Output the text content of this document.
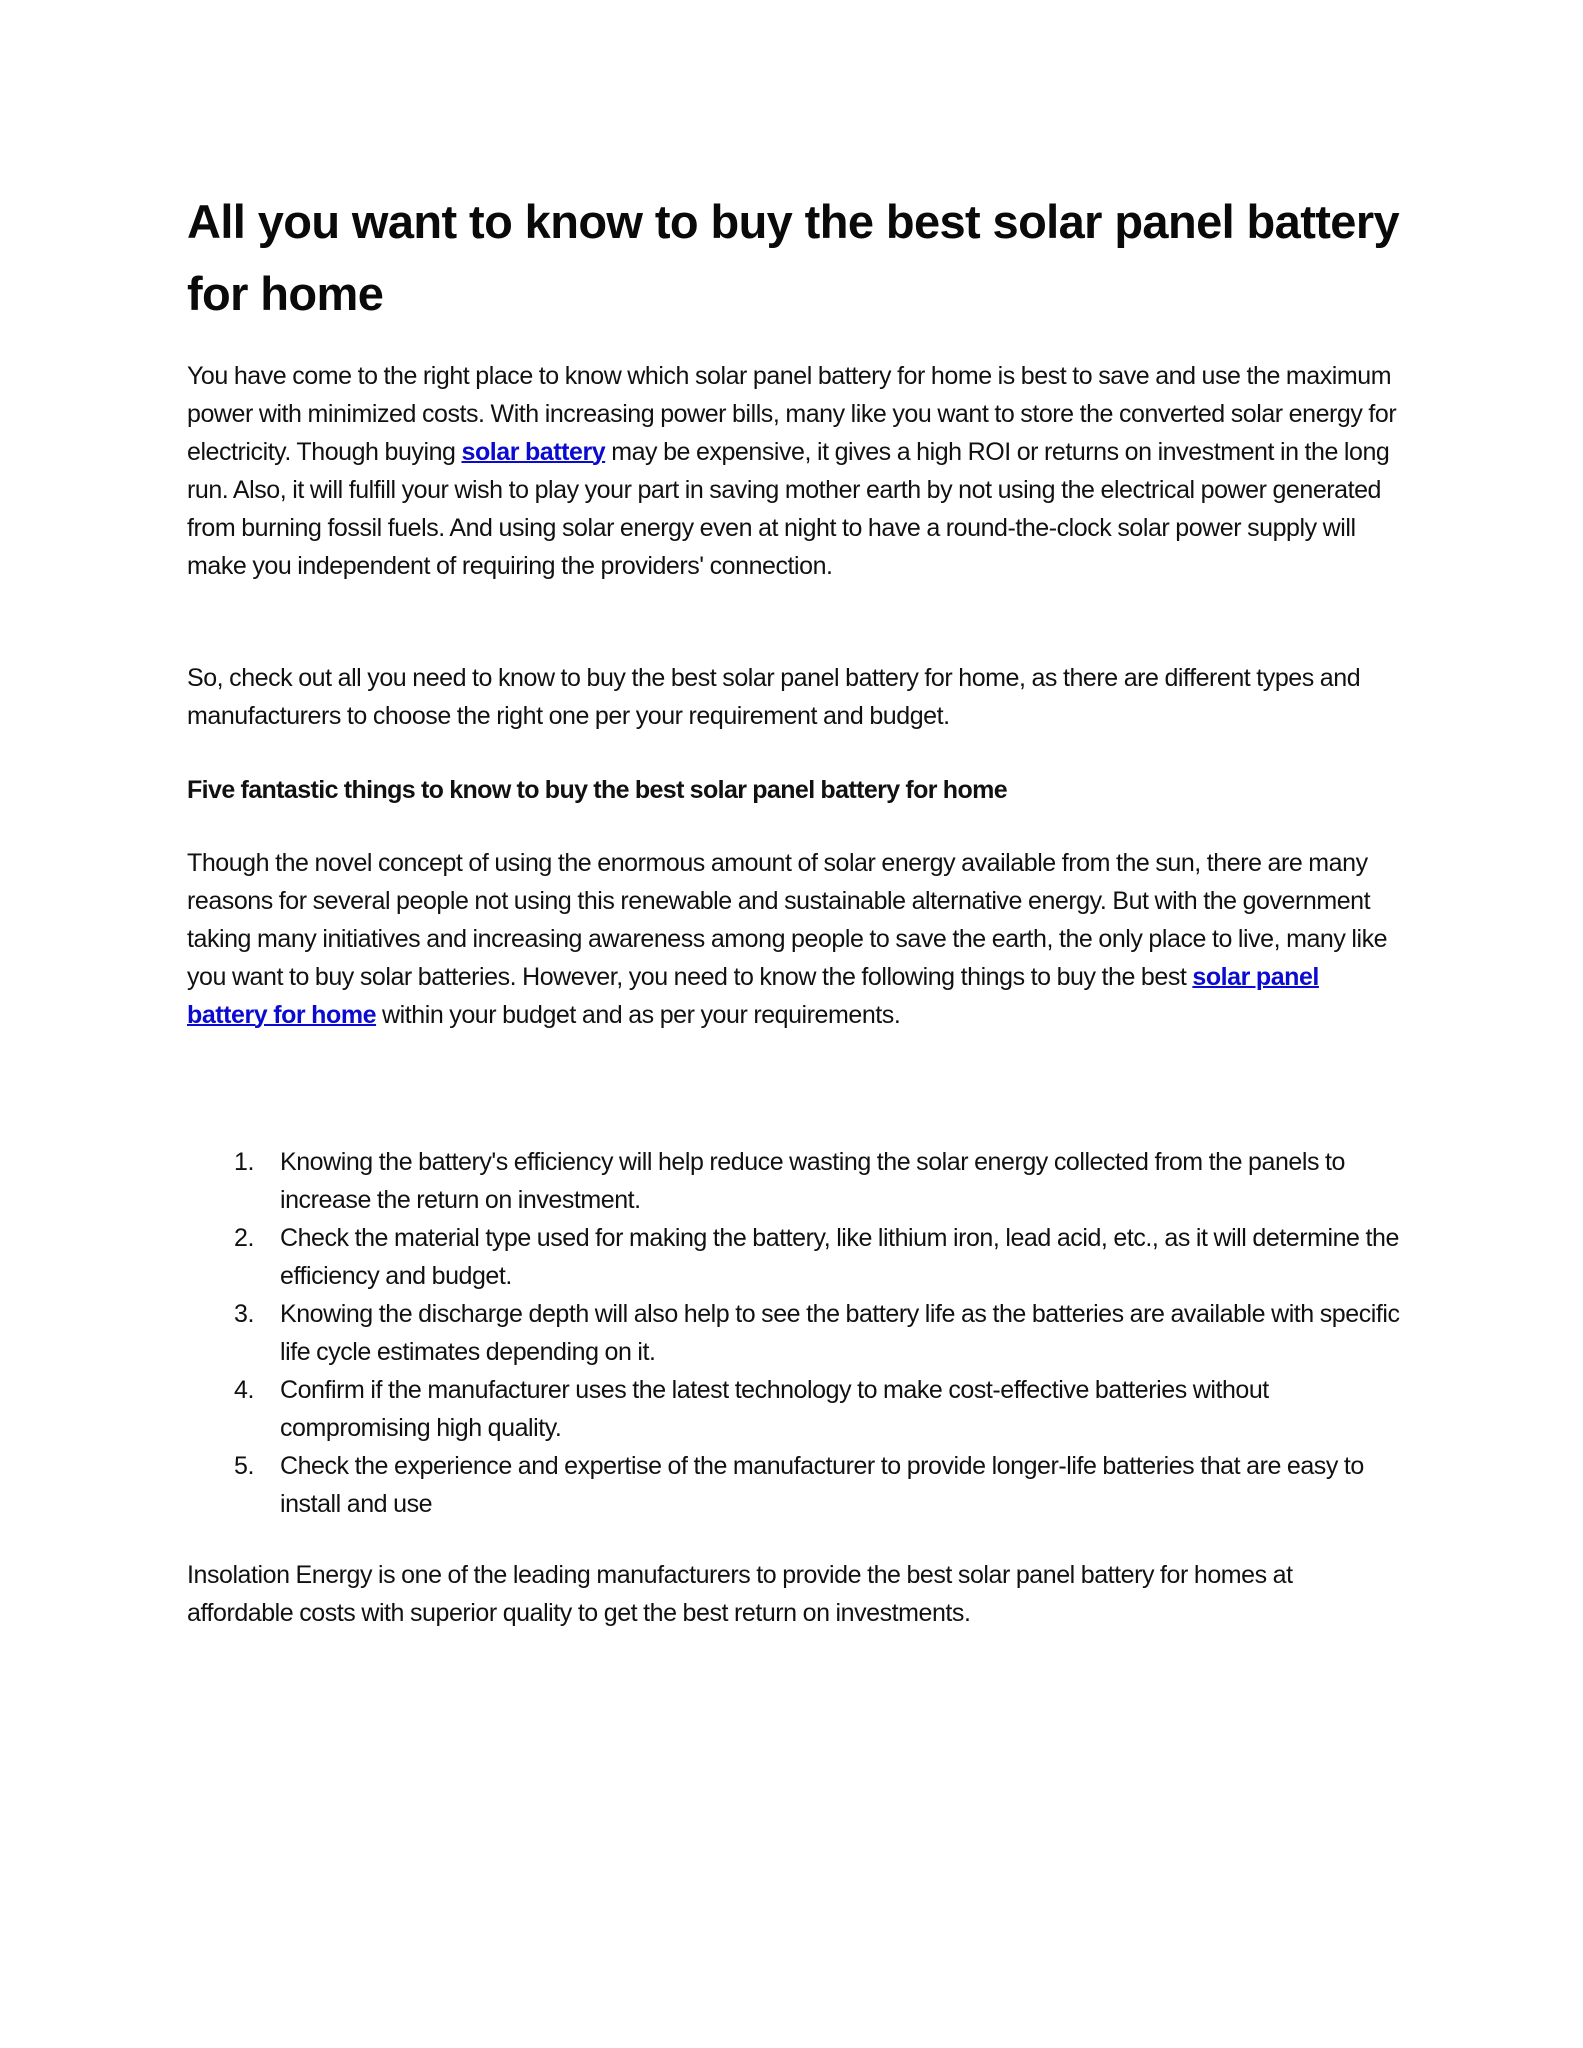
All you want to know to buy the best solar panel battery for home

You have come to the right place to know which solar panel battery for home is best to save and use the maximum power with minimized costs. With increasing power bills, many like you want to store the converted solar energy for electricity. Though buying solar battery may be expensive, it gives a high ROI or returns on investment in the long run. Also, it will fulfill your wish to play your part in saving mother earth by not using the electrical power generated from burning fossil fuels. And using solar energy even at night to have a round-the-clock solar power supply will make you independent of requiring the providers' connection.

So, check out all you need to know to buy the best solar panel battery for home, as there are different types and manufacturers to choose the right one per your requirement and budget.

Five fantastic things to know to buy the best solar panel battery for home

Though the novel concept of using the enormous amount of solar energy available from the sun, there are many reasons for several people not using this renewable and sustainable alternative energy. But with the government taking many initiatives and increasing awareness among people to save the earth, the only place to live, many like you want to buy solar batteries. However, you need to know the following things to buy the best solar panel battery for home within your budget and as per your requirements.

1. Knowing the battery's efficiency will help reduce wasting the solar energy collected from the panels to increase the return on investment.
2. Check the material type used for making the battery, like lithium iron, lead acid, etc., as it will determine the efficiency and budget.
3. Knowing the discharge depth will also help to see the battery life as the batteries are available with specific life cycle estimates depending on it.
4. Confirm if the manufacturer uses the latest technology to make cost-effective batteries without compromising high quality.
5. Check the experience and expertise of the manufacturer to provide longer-life batteries that are easy to install and use

Insolation Energy is one of the leading manufacturers to provide the best solar panel battery for homes at affordable costs with superior quality to get the best return on investments.
